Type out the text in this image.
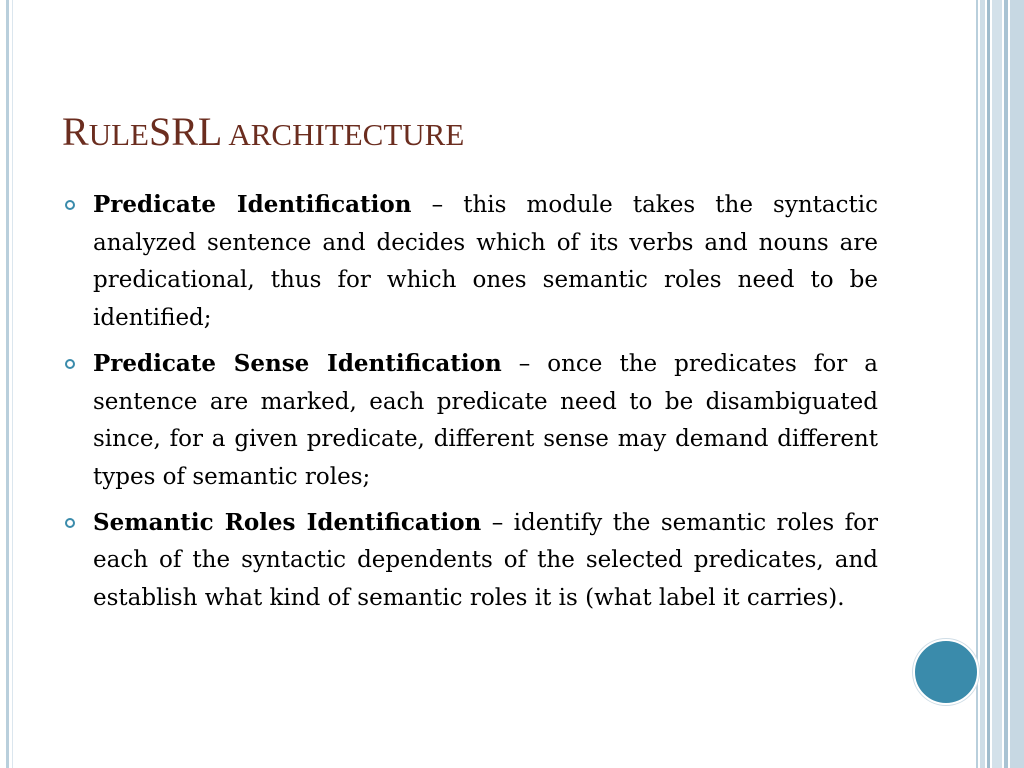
RULESRL ARCHITECTURE
Predicate Identification – this module takes the syntactic analyzed sentence and decides which of its verbs and nouns are predicational, thus for which ones semantic roles need to be identified;
Predicate Sense Identification – once the predicates for a sentence are marked, each predicate need to be disambiguated since, for a given predicate, different sense may demand different types of semantic roles;
Semantic Roles Identification – identify the semantic roles for each of the syntactic dependents of the selected predicates, and establish what kind of semantic roles it is (what label it carries).
